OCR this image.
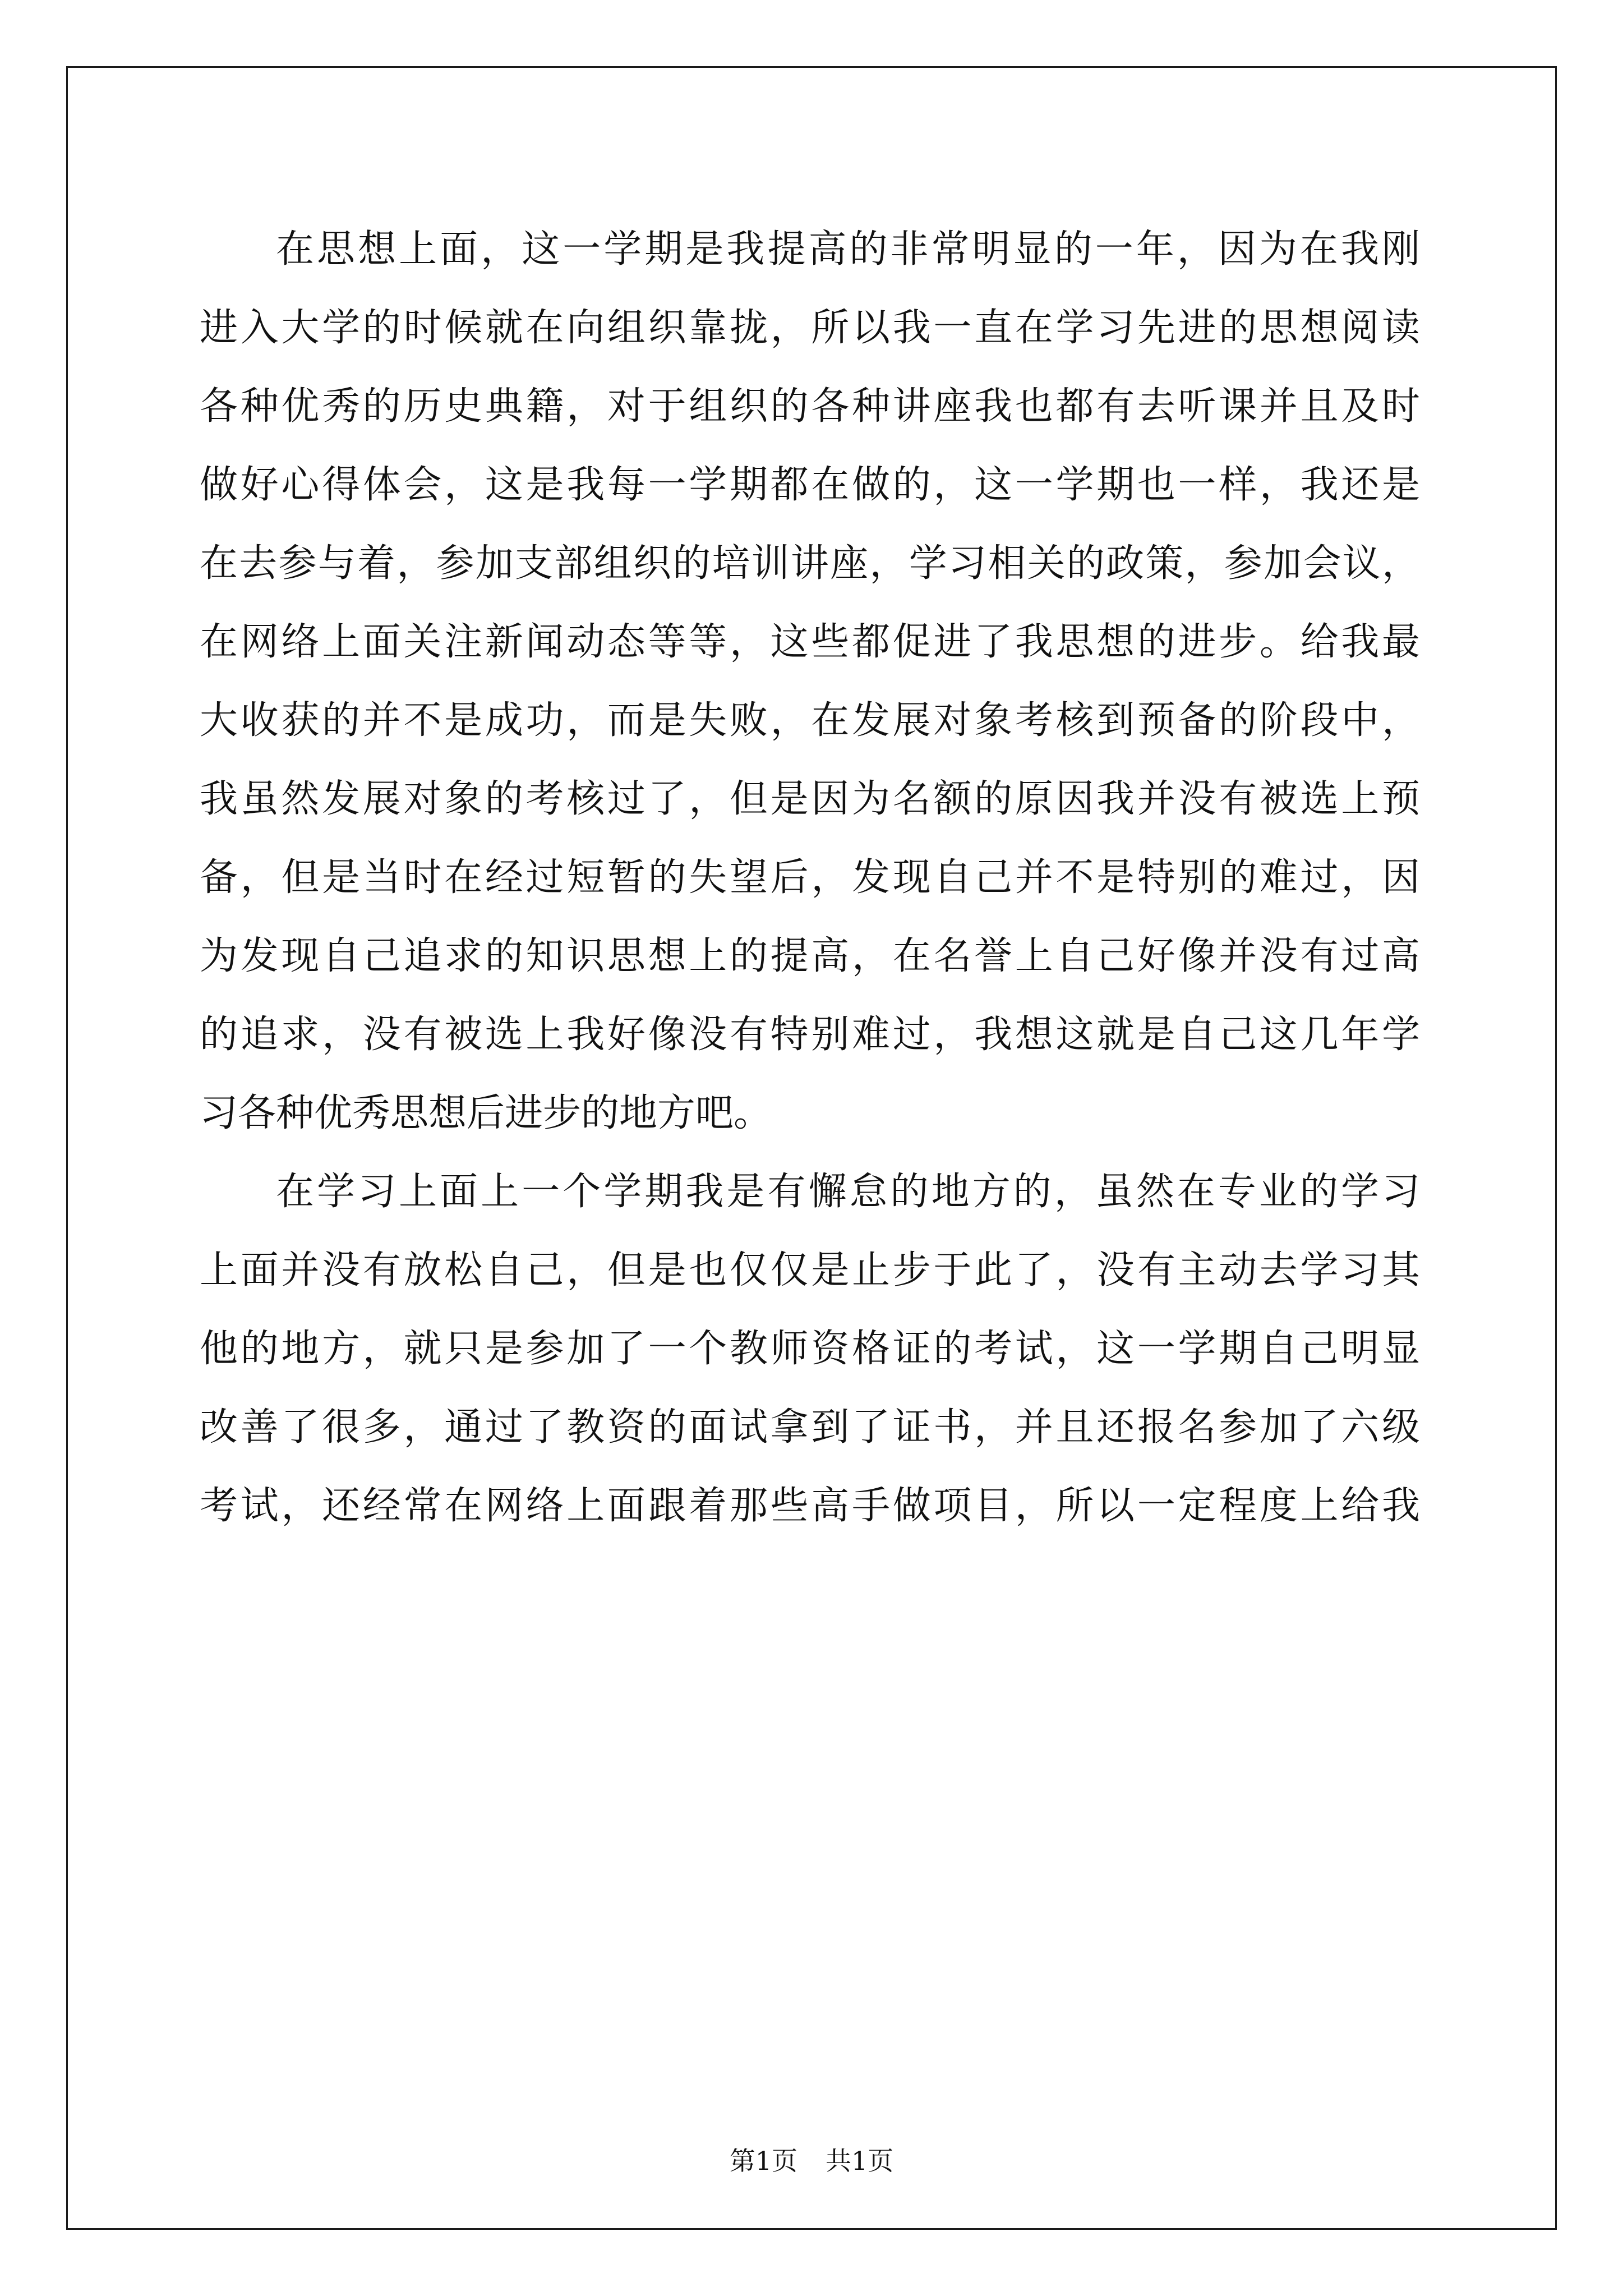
在思想上面，这一学期是我提高的非常明显的一年，因为在我刚
进入大学的时候就在向组织靠拢，所以我一直在学习先进的思想阅读
各种优秀的历史典籍，对于组织的各种讲座我也都有去听课并且及时
做好心得体会，这是我每一学期都在做的，这一学期也一样，我还是
在去参与着，参加支部组织的培训讲座，学习相关的政策，参加会议，
在网络上面关注新闻动态等等，这些都促进了我思想的进步。给我最
大收获的并不是成功，而是失败，在发展对象考核到预备的阶段中，
我虽然发展对象的考核过了，但是因为名额的原因我并没有被选上预
备，但是当时在经过短暂的失望后，发现自己并不是特别的难过，因
为发现自己追求的知识思想上的提高，在名誉上自己好像并没有过高
的追求，没有被选上我好像没有特别难过，我想这就是自己这几年学
习各种优秀思想后进步的地方吧。
在学习上面上一个学期我是有懈怠的地方的，虽然在专业的学习
上面并没有放松自己，但是也仅仅是止步于此了，没有主动去学习其
他的地方，就只是参加了一个教师资格证的考试，这一学期自己明显
改善了很多，通过了教资的面试拿到了证书，并且还报名参加了六级
考试，还经常在网络上面跟着那些高手做项目，所以一定程度上给我
第1页 共1页
